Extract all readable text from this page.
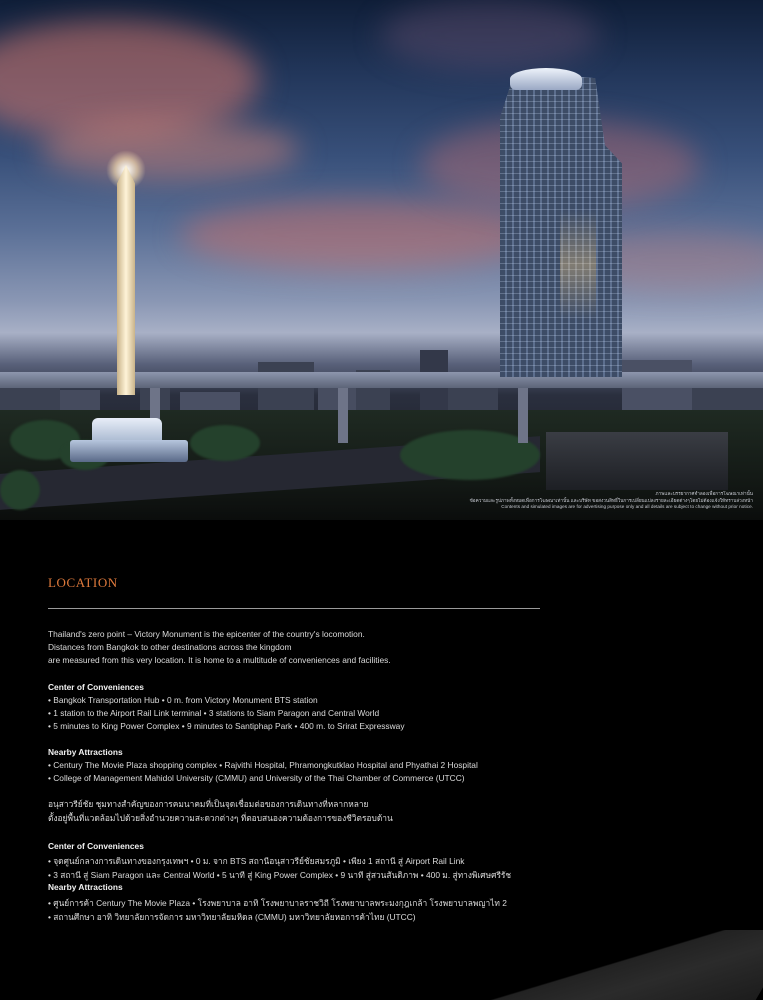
ภาพและบรรยากาศจำลองเพื่อการโฆษณาเท่านั้น
ข้อความและรูปภาพทั้งหมดเพื่อการโฆษณาเท่านั้น และบริษัท ขอสงวนสิทธิ์ในการเปลี่ยนแปลงรายละเอียดต่างๆโดยไม่ต้องแจ้งให้ทราบล่วงหน้า
Contents and simulated images are for advertising purpose only and all details are subject to change without prior notice.
LOCATION
Thailand's zero point – Victory Monument is the epicenter of the country's locomotion.
Distances from Bangkok to other destinations across the kingdom
are measured from this very location. It is home to a multitude of conveniences and facilities.
Center of Conveniences
• Bangkok Transportation Hub • 0 m. from Victory Monument BTS station
• 1 station to the Airport Rail Link terminal • 3 stations to Siam Paragon and Central World
• 5 minutes to King Power Complex • 9 minutes to Santiphap Park • 400 m. to Srirat Expressway
Nearby Attractions
• Century The Movie Plaza shopping complex • Rajvithi Hospital, Phramongkutklao Hospital and Phyathai 2 Hospital
• College of Management Mahidol University (CMMU) and University of the Thai Chamber of Commerce (UTCC)
อนุสาวรีย์ชัย ชุมทางสำคัญของการคมนาคมที่เป็นจุดเชื่อมต่อของการเดินทางที่หลากหลาย
ตั้งอยู่พื้นที่แวดล้อมไปด้วยสิ่งอำนวยความสะดวกต่างๆ ที่ตอบสนองความต้องการของชีวิตรอบด้าน
Center of Conveniences
• จุดศูนย์กลางการเดินทางของกรุงเทพฯ • 0 ม. จาก BTS สถานีอนุสาวรีย์ชัยสมรภูมิ • เพียง 1 สถานี สู่ Airport Rail Link
• 3 สถานี สู่ Siam Paragon และ Central World • 5 นาที สู่ King Power Complex • 9 นาที สู่สวนสันติภาพ • 400 ม. สู่ทางพิเศษศรีรัช
Nearby Attractions
• ศูนย์การค้า Century The Movie Plaza • โรงพยาบาล อาทิ โรงพยาบาลราชวิถี โรงพยาบาลพระมงกุฎเกล้า โรงพยาบาลพญาไท 2
• สถานศึกษา อาทิ วิทยาลัยการจัดการ มหาวิทยาลัยมหิดล (CMMU) มหาวิทยาลัยหอการค้าไทย (UTCC)
